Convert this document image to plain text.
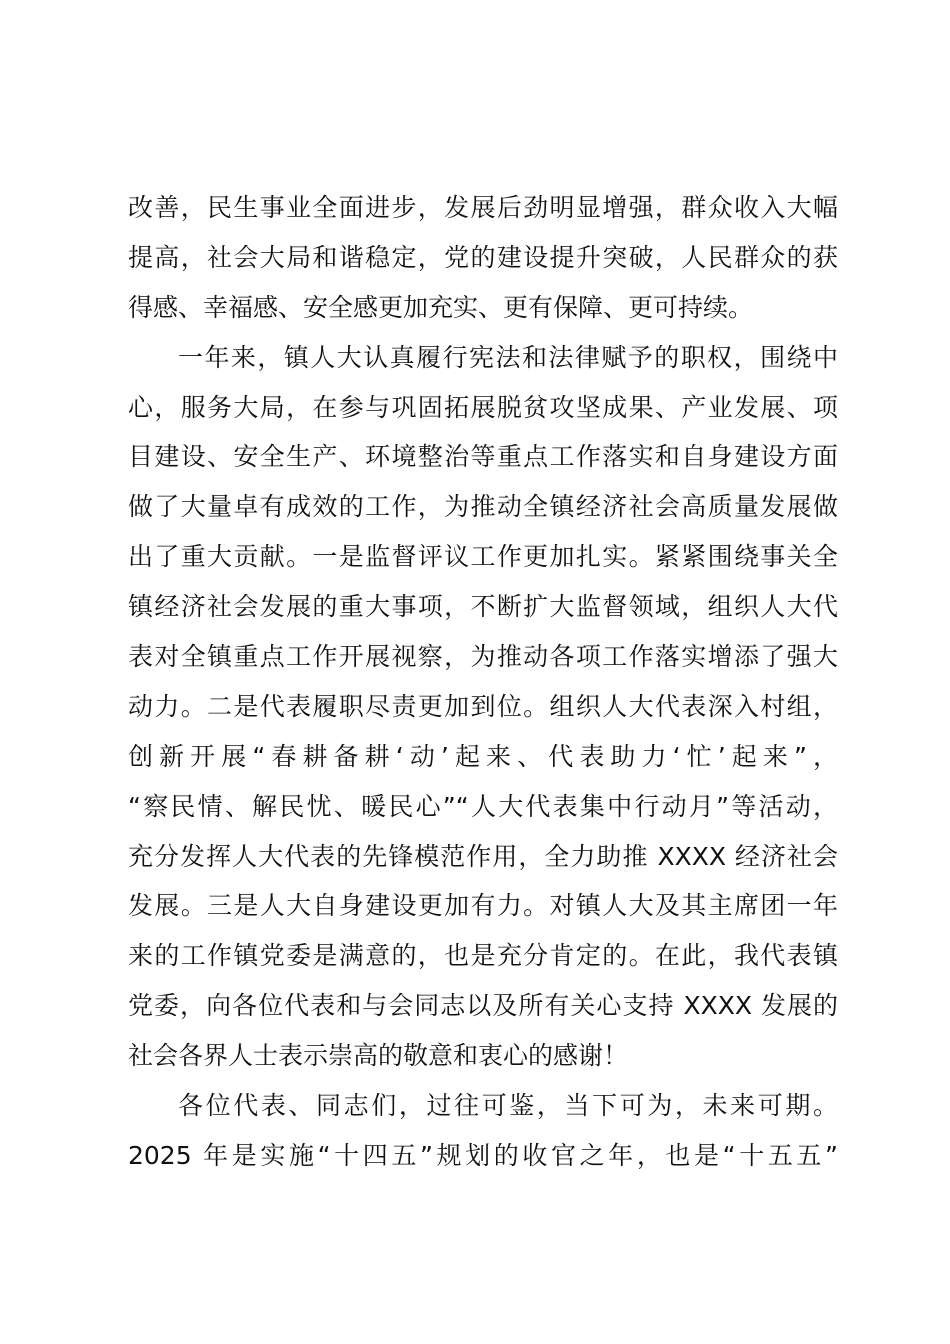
改善，民生事业全面进步，发展后劲明显增强，群众收入大幅
提高，社会大局和谐稳定，党的建设提升突破，人民群众的获
得感、幸福感、安全感更加充实、更有保障、更可持续。
一年来，镇人大认真履行宪法和法律赋予的职权，围绕中
心，服务大局，在参与巩固拓展脱贫攻坚成果、产业发展、项
目建设、安全生产、环境整治等重点工作落实和自身建设方面
做了大量卓有成效的工作，为推动全镇经济社会高质量发展做
出了重大贡献。一是监督评议工作更加扎实。紧紧围绕事关全
镇经济社会发展的重大事项，不断扩大监督领域，组织人大代
表对全镇重点工作开展视察，为推动各项工作落实增添了强大
动力。二是代表履职尽责更加到位。组织人大代表深入村组，
创新开展“春耕备耕‘动’起来、代表助力‘忙’起来”，
“察民情、解民忧、暖民心”“人大代表集中行动月”等活动，
充分发挥人大代表的先锋模范作用，全力助推 XXXX 经济社会
发展。三是人大自身建设更加有力。对镇人大及其主席团一年
来的工作镇党委是满意的，也是充分肯定的。在此，我代表镇
党委，向各位代表和与会同志以及所有关心支持 XXXX 发展的
社会各界人士表示崇高的敬意和衷心的感谢！
各位代表、同志们，过往可鉴，当下可为，未来可期。
2025 年是实施“十四五”规划的收官之年，也是“十五五”
